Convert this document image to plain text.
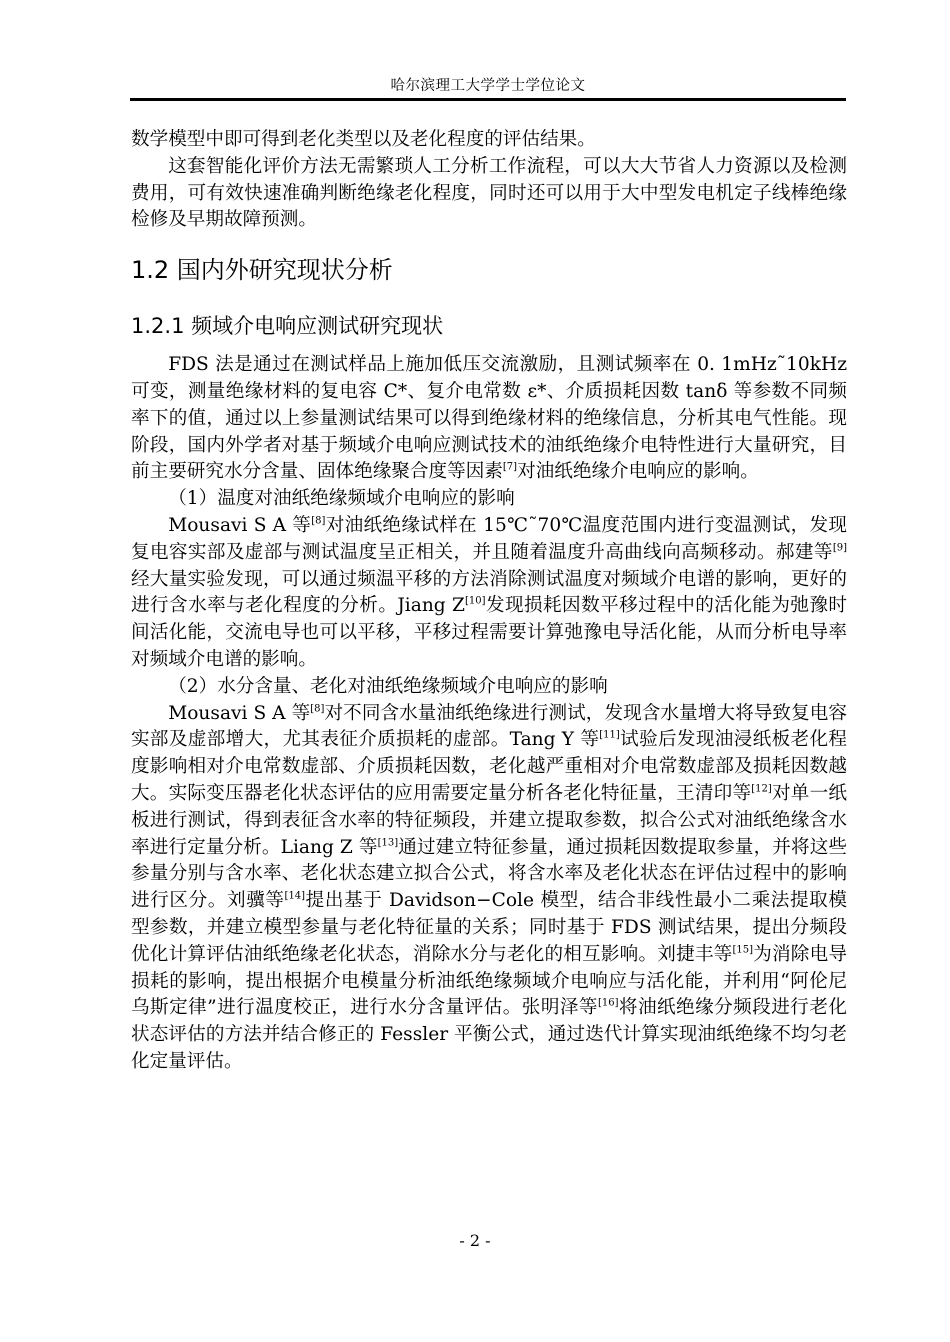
哈尔滨理工大学学士学位论文

数学模型中即可得到老化类型以及老化程度的评估结果。

这套智能化评价方法无需繁琐人工分析工作流程，可以大大节省人力资源以及检测费用，可有效快速准确判断绝缘老化程度，同时还可以用于大中型发电机定子线棒绝缘检修及早期故障预测。

1.2 国内外研究现状分析
1.2.1 频域介电响应测试研究现状

FDS 法是通过在测试样品上施加低压交流激励，且测试频率在 0. 1mHz˜10kHz 可变，测量绝缘材料的复电容 C*、复介电常数 ε*、介质损耗因数 tanδ 等参数不同频率下的值，通过以上参量测试结果可以得到绝缘材料的绝缘信息，分析其电气性能。现阶段，国内外学者对基于频域介电响应测试技术的油纸绝缘介电特性进行大量研究，目前主要研究水分含量、固体绝缘聚合度等因素[7]对油纸绝缘介电响应的影响。

（1）温度对油纸绝缘频域介电响应的影响

Mousavi S A 等[8]对油纸绝缘试样在 15℃˜70℃温度范围内进行变温测试，发现复电容实部及虚部与测试温度呈正相关，并且随着温度升高曲线向高频移动。郝建等[9]经大量实验发现，可以通过频温平移的方法消除测试温度对频域介电谱的影响，更好的进行含水率与老化程度的分析。Jiang Z[10]发现损耗因数平移过程中的活化能为弛豫时间活化能，交流电导也可以平移，平移过程需要计算弛豫电导活化能，从而分析电导率对频域介电谱的影响。

（2）水分含量、老化对油纸绝缘频域介电响应的影响

Mousavi S A 等[8]对不同含水量油纸绝缘进行测试，发现含水量增大将导致复电容实部及虚部增大，尤其表征介质损耗的虚部。Tang Y 等[11]试验后发现油浸纸板老化程度影响相对介电常数虚部、介质损耗因数，老化越严重相对介电常数虚部及损耗因数越大。实际变压器老化状态评估的应用需要定量分析各老化特征量，王清印等[12]对单一纸板进行测试，得到表征含水率的特征频段，并建立提取参数，拟合公式对油纸绝缘含水率进行定量分析。Liang Z 等[13]通过建立特征参量，通过损耗因数提取参量，并将这些参量分别与含水率、老化状态建立拟合公式，将含水率及老化状态在评估过程中的影响进行区分。刘骥等[14]提出基于 Davidson−Cole 模型，结合非线性最小二乘法提取模型参数，并建立模型参量与老化特征量的关系；同时基于 FDS 测试结果，提出分频段优化计算评估油纸绝缘老化状态，消除水分与老化的相互影响。刘捷丰等[15]为消除电导损耗的影响，提出根据介电模量分析油纸绝缘频域介电响应与活化能，并利用“阿伦尼乌斯定律”进行温度校正，进行水分含量评估。张明泽等[16]将油纸绝缘分频段进行老化状态评估的方法并结合修正的 Fessler 平衡公式，通过迭代计算实现油纸绝缘不均匀老化定量评估。

- 2 -
